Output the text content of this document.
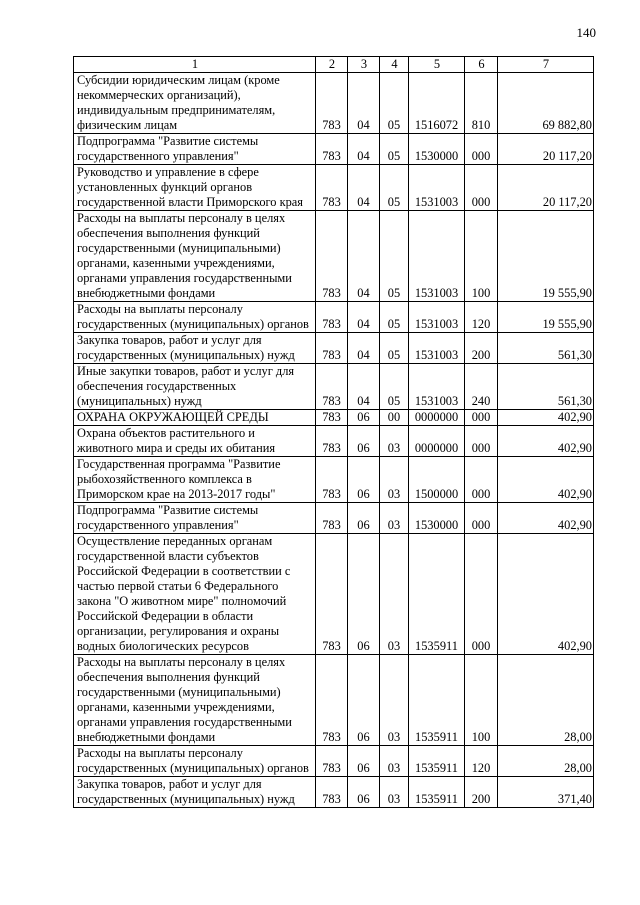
140
1	2	3	4	5	6	7
Субсидии юридическим лицам (кроме некоммерческих организаций), индивидуальным предпринимателям, физическим лицам	783	04	05	1516072	810	69 882,80
Подпрограмма "Развитие системы государственного управления"	783	04	05	1530000	000	20 117,20
Руководство и управление в сфере установленных функций органов государственной власти Приморского края	783	04	05	1531003	000	20 117,20
Расходы на выплаты персоналу в целях обеспечения выполнения функций государственными (муниципальными) органами, казенными учреждениями, органами управления государственными внебюджетными фондами	783	04	05	1531003	100	19 555,90
Расходы на выплаты персоналу государственных (муниципальных) органов	783	04	05	1531003	120	19 555,90
Закупка товаров, работ и услуг для государственных (муниципальных) нужд	783	04	05	1531003	200	561,30
Иные закупки товаров, работ и услуг для обеспечения государственных (муниципальных) нужд	783	04	05	1531003	240	561,30
ОХРАНА ОКРУЖАЮЩЕЙ СРЕДЫ	783	06	00	0000000	000	402,90
Охрана объектов растительного и животного мира и среды их обитания	783	06	03	0000000	000	402,90
Государственная программа "Развитие рыбохозяйственного комплекса в Приморском крае на 2013-2017 годы"	783	06	03	1500000	000	402,90
Подпрограмма "Развитие системы государственного управления"	783	06	03	1530000	000	402,90
Осуществление переданных органам государственной власти субъектов Российской Федерации в соответствии с частью первой статьи 6 Федерального закона "О животном мире" полномочий Российской Федерации в области организации, регулирования и охраны водных биологических ресурсов	783	06	03	1535911	000	402,90
Расходы на выплаты персоналу в целях обеспечения выполнения функций государственными (муниципальными) органами, казенными учреждениями, органами управления государственными внебюджетными фондами	783	06	03	1535911	100	28,00
Расходы на выплаты персоналу государственных (муниципальных) органов	783	06	03	1535911	120	28,00
Закупка товаров, работ и услуг для государственных (муниципальных) нужд	783	06	03	1535911	200	371,40
